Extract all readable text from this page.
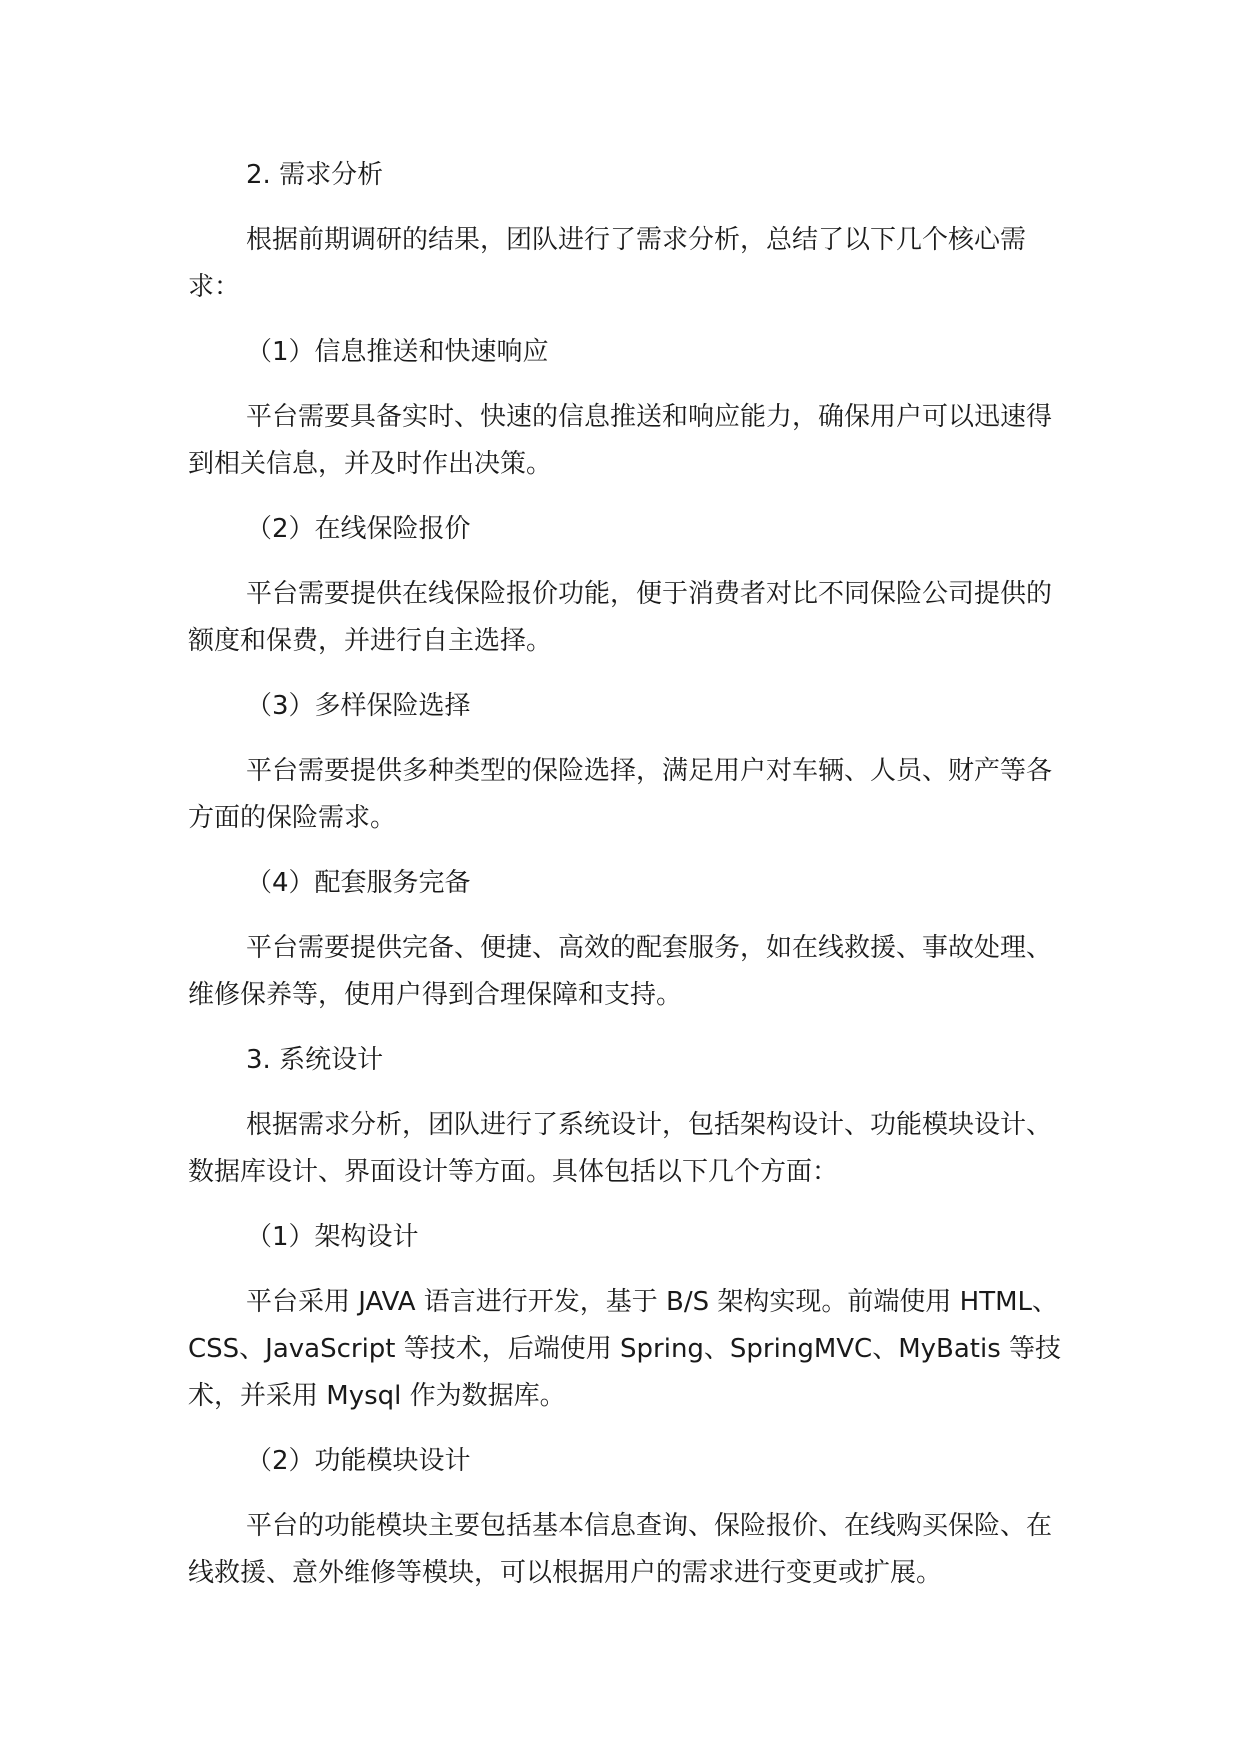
2. 需求分析

根据前期调研的结果，团队进行了需求分析，总结了以下几个核心需求：

（1）信息推送和快速响应

平台需要具备实时、快速的信息推送和响应能力，确保用户可以迅速得到相关信息，并及时作出决策。

（2）在线保险报价

平台需要提供在线保险报价功能，便于消费者对比不同保险公司提供的额度和保费，并进行自主选择。

（3）多样保险选择

平台需要提供多种类型的保险选择，满足用户对车辆、人员、财产等各方面的保险需求。

（4）配套服务完备

平台需要提供完备、便捷、高效的配套服务，如在线救援、事故处理、维修保养等，使用户得到合理保障和支持。

3. 系统设计

根据需求分析，团队进行了系统设计，包括架构设计、功能模块设计、数据库设计、界面设计等方面。具体包括以下几个方面：

（1）架构设计

平台采用 JAVA 语言进行开发，基于 B/S 架构实现。前端使用 HTML、CSS、JavaScript 等技术，后端使用 Spring、SpringMVC、MyBatis 等技术，并采用 Mysql 作为数据库。

（2）功能模块设计

平台的功能模块主要包括基本信息查询、保险报价、在线购买保险、在线救援、意外维修等模块，可以根据用户的需求进行变更或扩展。
